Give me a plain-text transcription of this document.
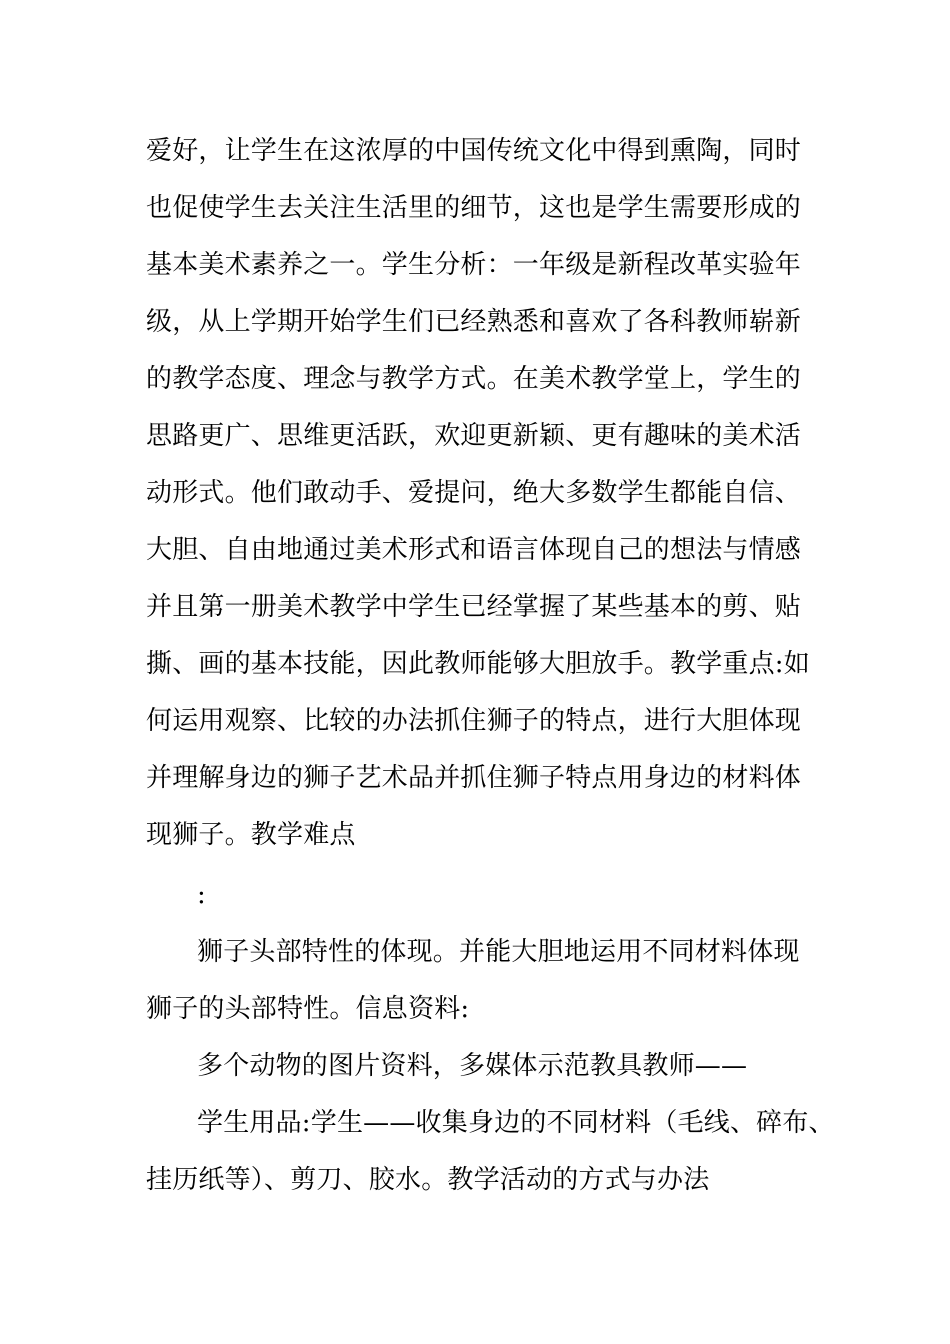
爱好，让学生在这浓厚的中国传统文化中得到熏陶，同时
也促使学生去关注生活里的细节，这也是学生需要形成的
基本美术素养之一。学生分析：一年级是新程改革实验年
级，从上学期开始学生们已经熟悉和喜欢了各科教师崭新
的教学态度、理念与教学方式。在美术教学堂上，学生的
思路更广、思维更活跃，欢迎更新颖、更有趣味的美术活
动形式。他们敢动手、爱提问，绝大多数学生都能自信、
大胆、自由地通过美术形式和语言体现自己的想法与情感
并且第一册美术教学中学生已经掌握了某些基本的剪、贴
撕、画的基本技能，因此教师能够大胆放手。教学重点:如
何运用观察、比较的办法抓住狮子的特点，进行大胆体现
并理解身边的狮子艺术品并抓住狮子特点用身边的材料体
现狮子。教学难点
:
狮子头部特性的体现。并能大胆地运用不同材料体现
狮子的头部特性。信息资料:
多个动物的图片资料，多媒体示范教具教师——
学生用品:学生——收集身边的不同材料（毛线、碎布、
挂历纸等）、剪刀、胶水。教学活动的方式与办法
